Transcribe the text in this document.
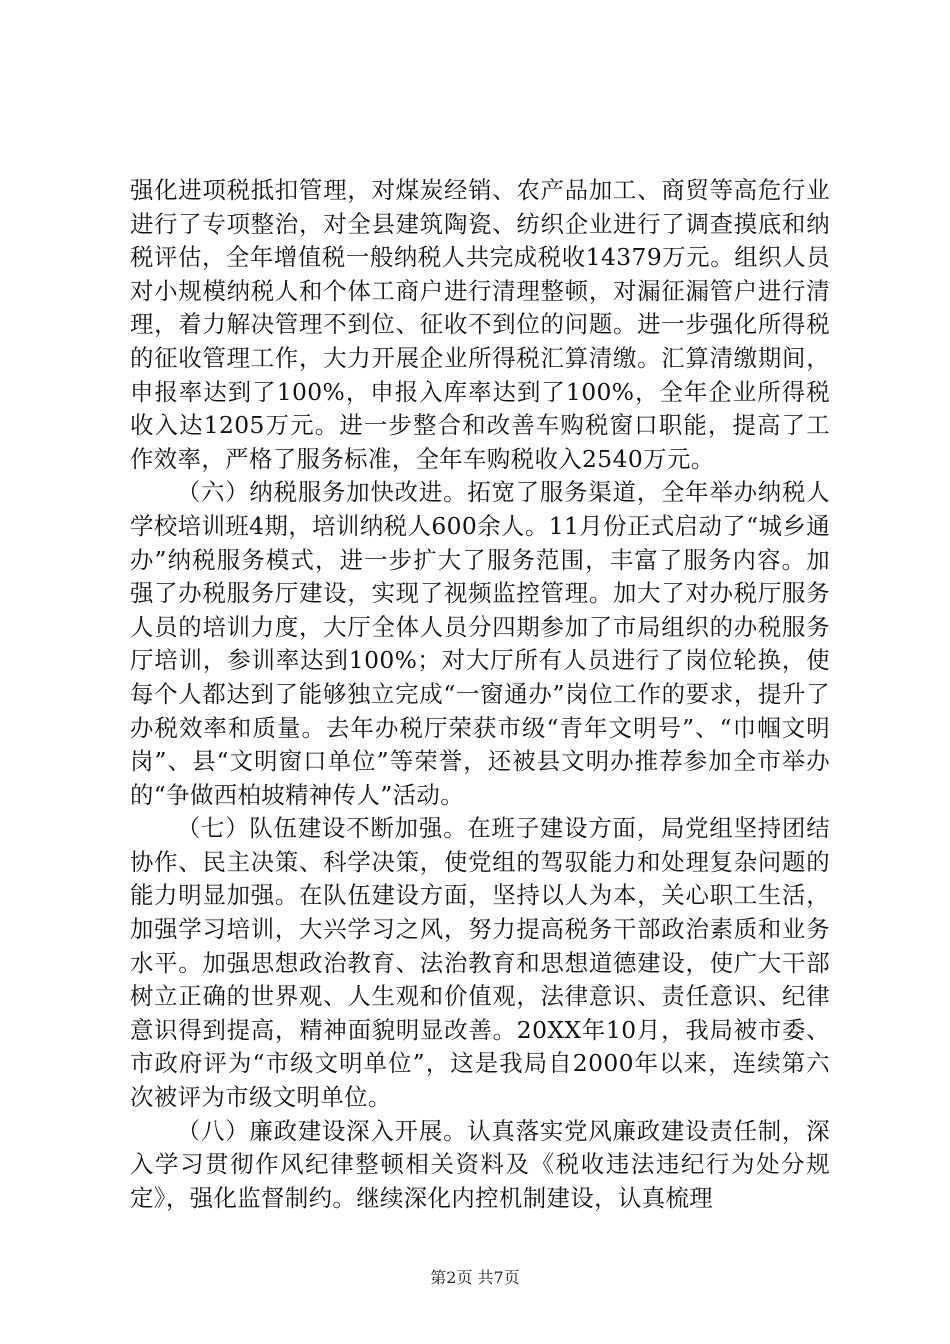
强化进项税抵扣管理，对煤炭经销、农产品加工、商贸等高危行业进行了专项整治，对全县建筑陶瓷、纺织企业进行了调查摸底和纳税评估，全年增值税一般纳税人共完成税收14379万元。组织人员对小规模纳税人和个体工商户进行清理整顿，对漏征漏管户进行清理，着力解决管理不到位、征收不到位的问题。进一步强化所得税的征收管理工作，大力开展企业所得税汇算清缴。汇算清缴期间，申报率达到了100%，申报入库率达到了100%，全年企业所得税收入达1205万元。进一步整合和改善车购税窗口职能，提高了工作效率，严格了服务标准，全年车购税收入2540万元。

（六）纳税服务加快改进。拓宽了服务渠道，全年举办纳税人学校培训班4期，培训纳税人600余人。11月份正式启动了“城乡通办”纳税服务模式，进一步扩大了服务范围，丰富了服务内容。加强了办税服务厅建设，实现了视频监控管理。加大了对办税厅服务人员的培训力度，大厅全体人员分四期参加了市局组织的办税服务厅培训，参训率达到100%；对大厅所有人员进行了岗位轮换，使每个人都达到了能够独立完成“一窗通办”岗位工作的要求，提升了办税效率和质量。去年办税厅荣获市级“青年文明号”、“巾帼文明岗”、县“文明窗口单位”等荣誉，还被县文明办推荐参加全市举办的“争做西柏坡精神传人”活动。

（七）队伍建设不断加强。在班子建设方面，局党组坚持团结协作、民主决策、科学决策，使党组的驾驭能力和处理复杂问题的能力明显加强。在队伍建设方面，坚持以人为本，关心职工生活，加强学习培训，大兴学习之风，努力提高税务干部政治素质和业务水平。加强思想政治教育、法治教育和思想道德建设，使广大干部树立正确的世界观、人生观和价值观，法律意识、责任意识、纪律意识得到提高，精神面貌明显改善。20XX年10月，我局被市委、市政府评为“市级文明单位”，这是我局自2000年以来，连续第六次被评为市级文明单位。

（八）廉政建设深入开展。认真落实党风廉政建设责任制，深入学习贯彻作风纪律整顿相关资料及《税收违法违纪行为处分规定》，强化监督制约。继续深化内控机制建设，认真梳理

第2页 共7页
